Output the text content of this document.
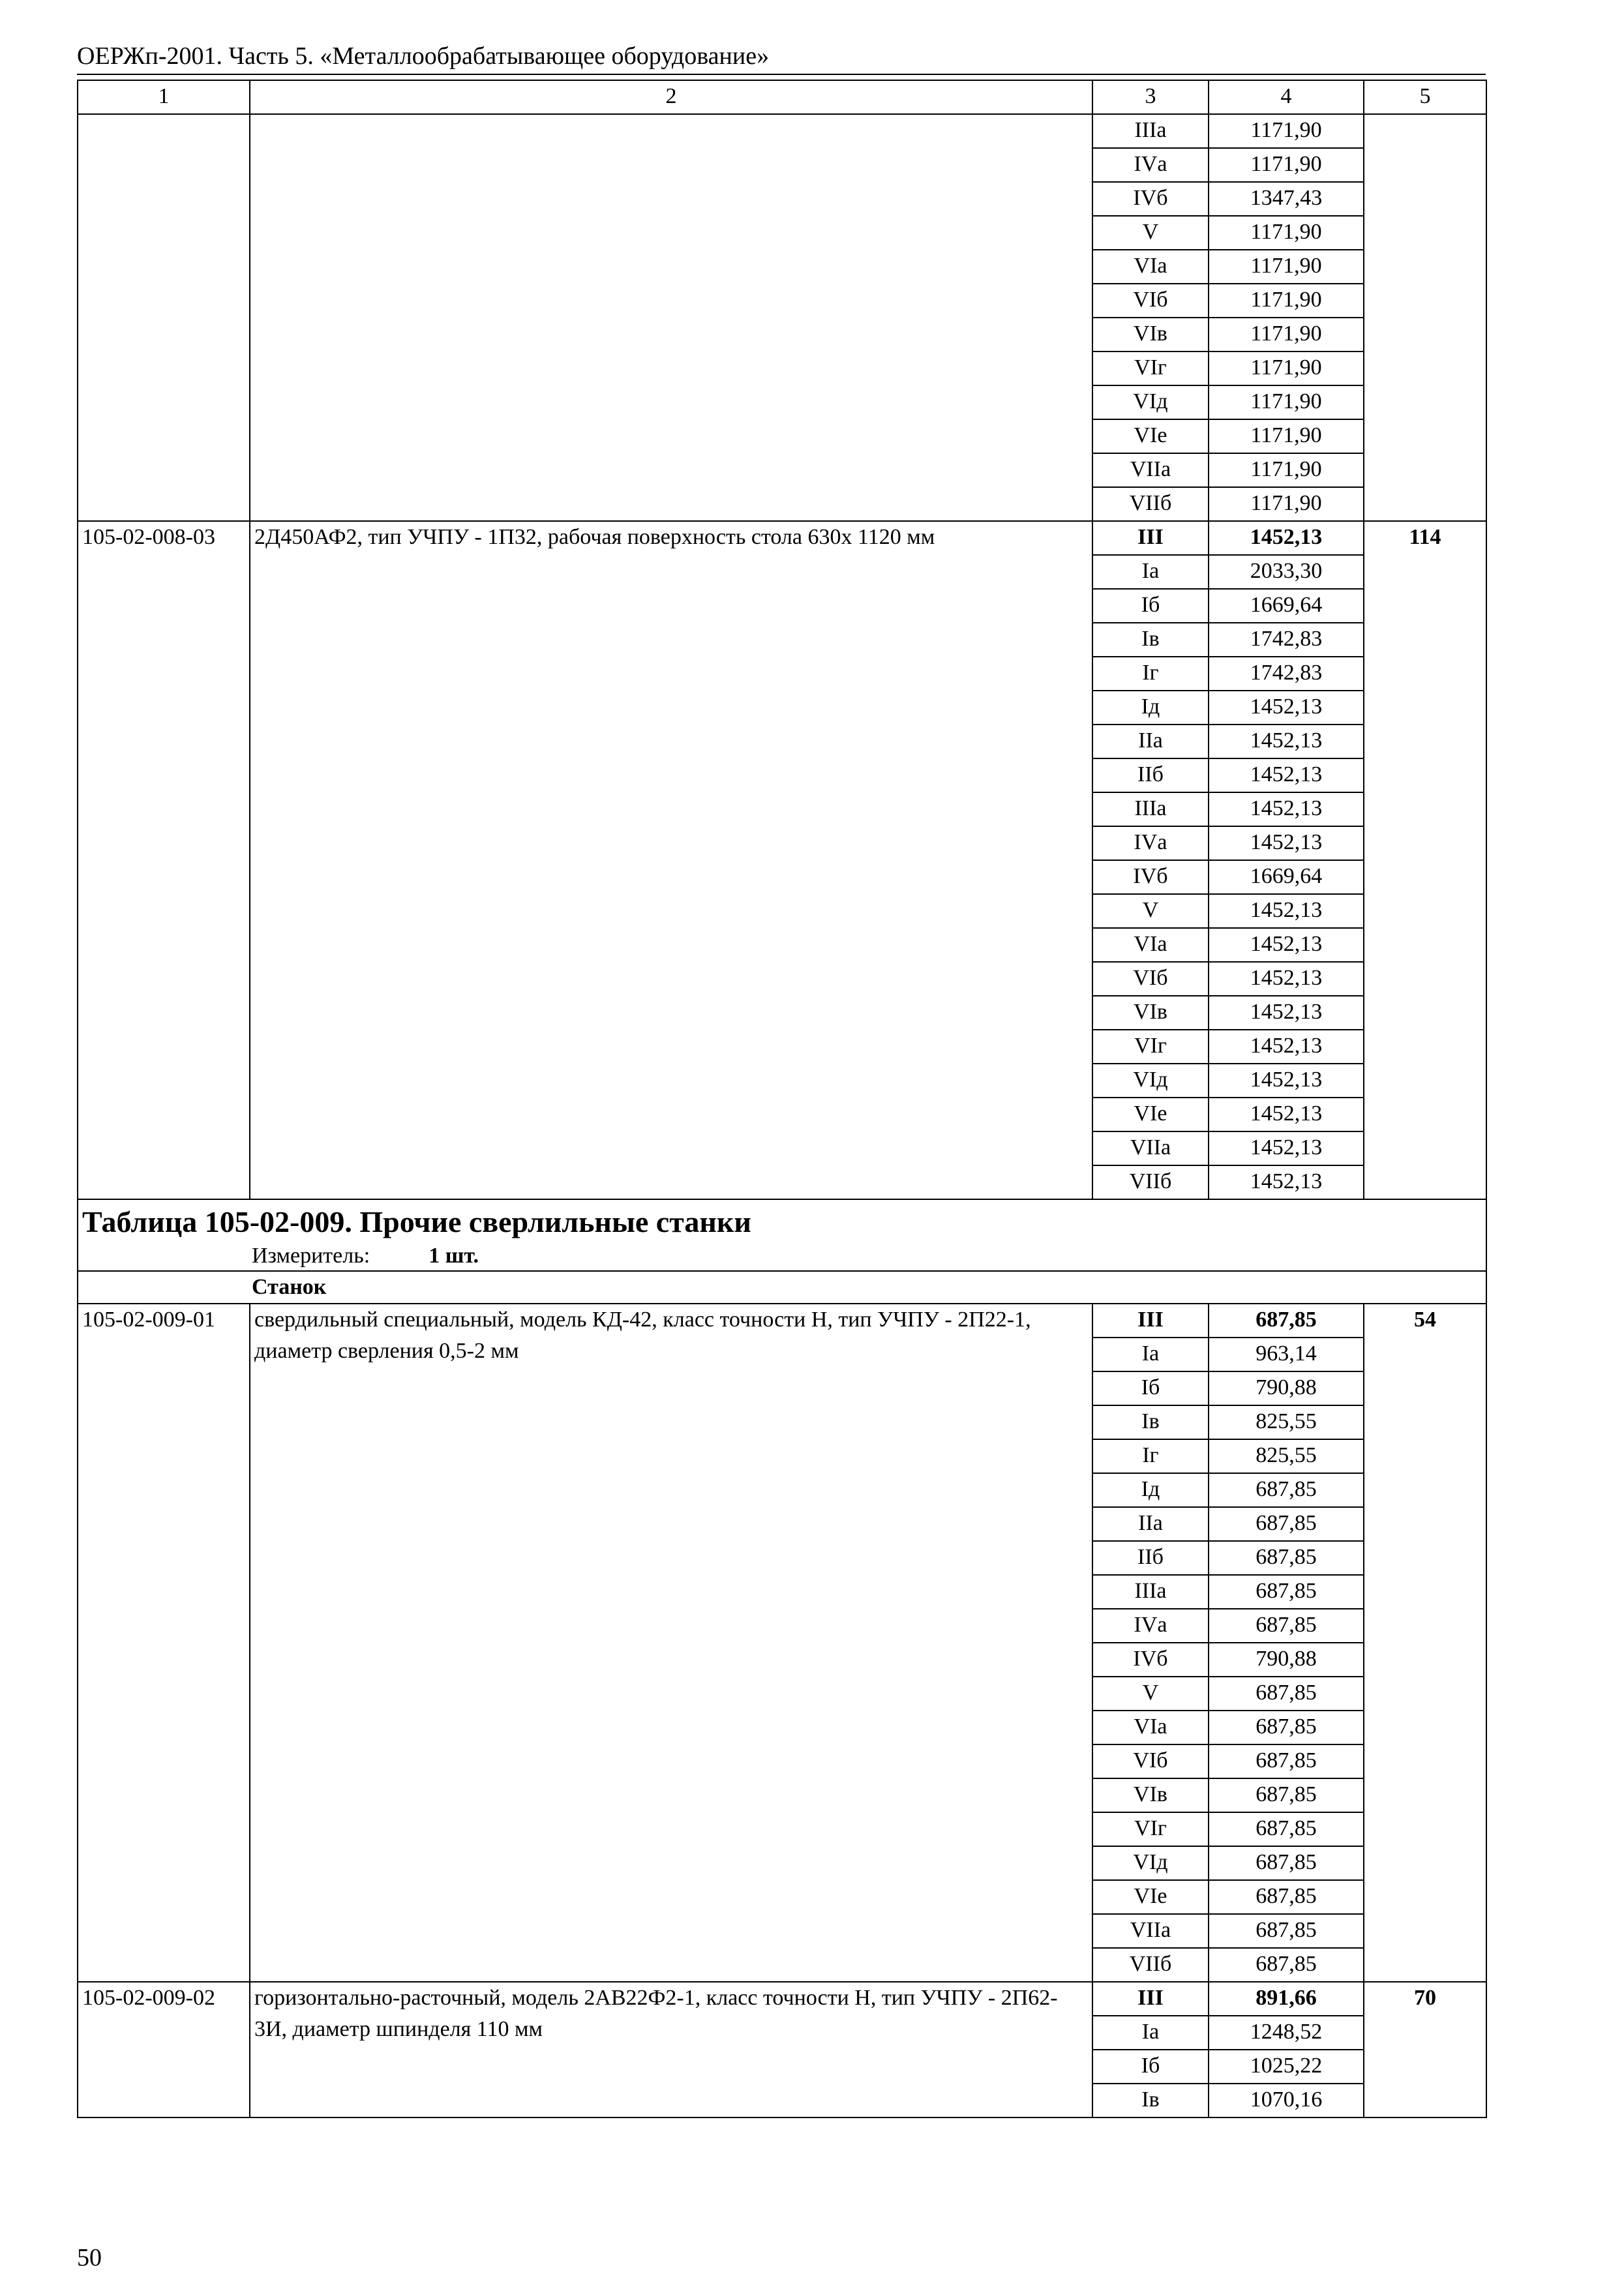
ОЕРЖп-2001. Часть 5. «Металлообрабатывающее оборудование»
1	2	3	4	5
		IIIа	1171,90	
		IVа	1171,90	
		IVб	1347,43	
		V	1171,90	
		VIа	1171,90	
		VIб	1171,90	
		VIв	1171,90	
		VIг	1171,90	
		VIд	1171,90	
		VIе	1171,90	
		VIIа	1171,90	
		VIIб	1171,90	
105-02-008-03	2Д450АФ2, тип УЧПУ - 1П32, рабочая поверхность стола 630х 1120 мм	III	1452,13	114
		Iа	2033,30	
		Iб	1669,64	
		Iв	1742,83	
		Iг	1742,83	
		Iд	1452,13	
		IIа	1452,13	
		IIб	1452,13	
		IIIа	1452,13	
		IVа	1452,13	
		IVб	1669,64	
		V	1452,13	
		VIа	1452,13	
		VIб	1452,13	
		VIв	1452,13	
		VIг	1452,13	
		VIд	1452,13	
		VIе	1452,13	
		VIIа	1452,13	
		VIIб	1452,13	

Таблица 105-02-009. Прочие сверлильные станки
Измеритель: 1 шт.				

Станок				

105-02-009-01	свердильный специальный, модель КД-42, класс точности Н, тип УЧПУ - 2П22-1, диаметр сверления 0,5-2 мм	III	687,85	54
		Iа	963,14	
		Iб	790,88	
		Iв	825,55	
		Iг	825,55	
		Iд	687,85	
		IIа	687,85	
		IIб	687,85	
		IIIа	687,85	
		IVа	687,85	
		IVб	790,88	
		V	687,85	
		VIа	687,85	
		VIб	687,85	
		VIв	687,85	
		VIг	687,85	
		VIд	687,85	
		VIе	687,85	
		VIIа	687,85	
		VIIб	687,85	
105-02-009-02	горизонтально-расточный, модель 2АВ22Ф2-1, класс точности Н, тип УЧПУ - 2П62-3И, диаметр шпинделя 110 мм	III	891,66	70
		Iа	1248,52	
		Iб	1025,22	
		Iв	1070,16	
50
